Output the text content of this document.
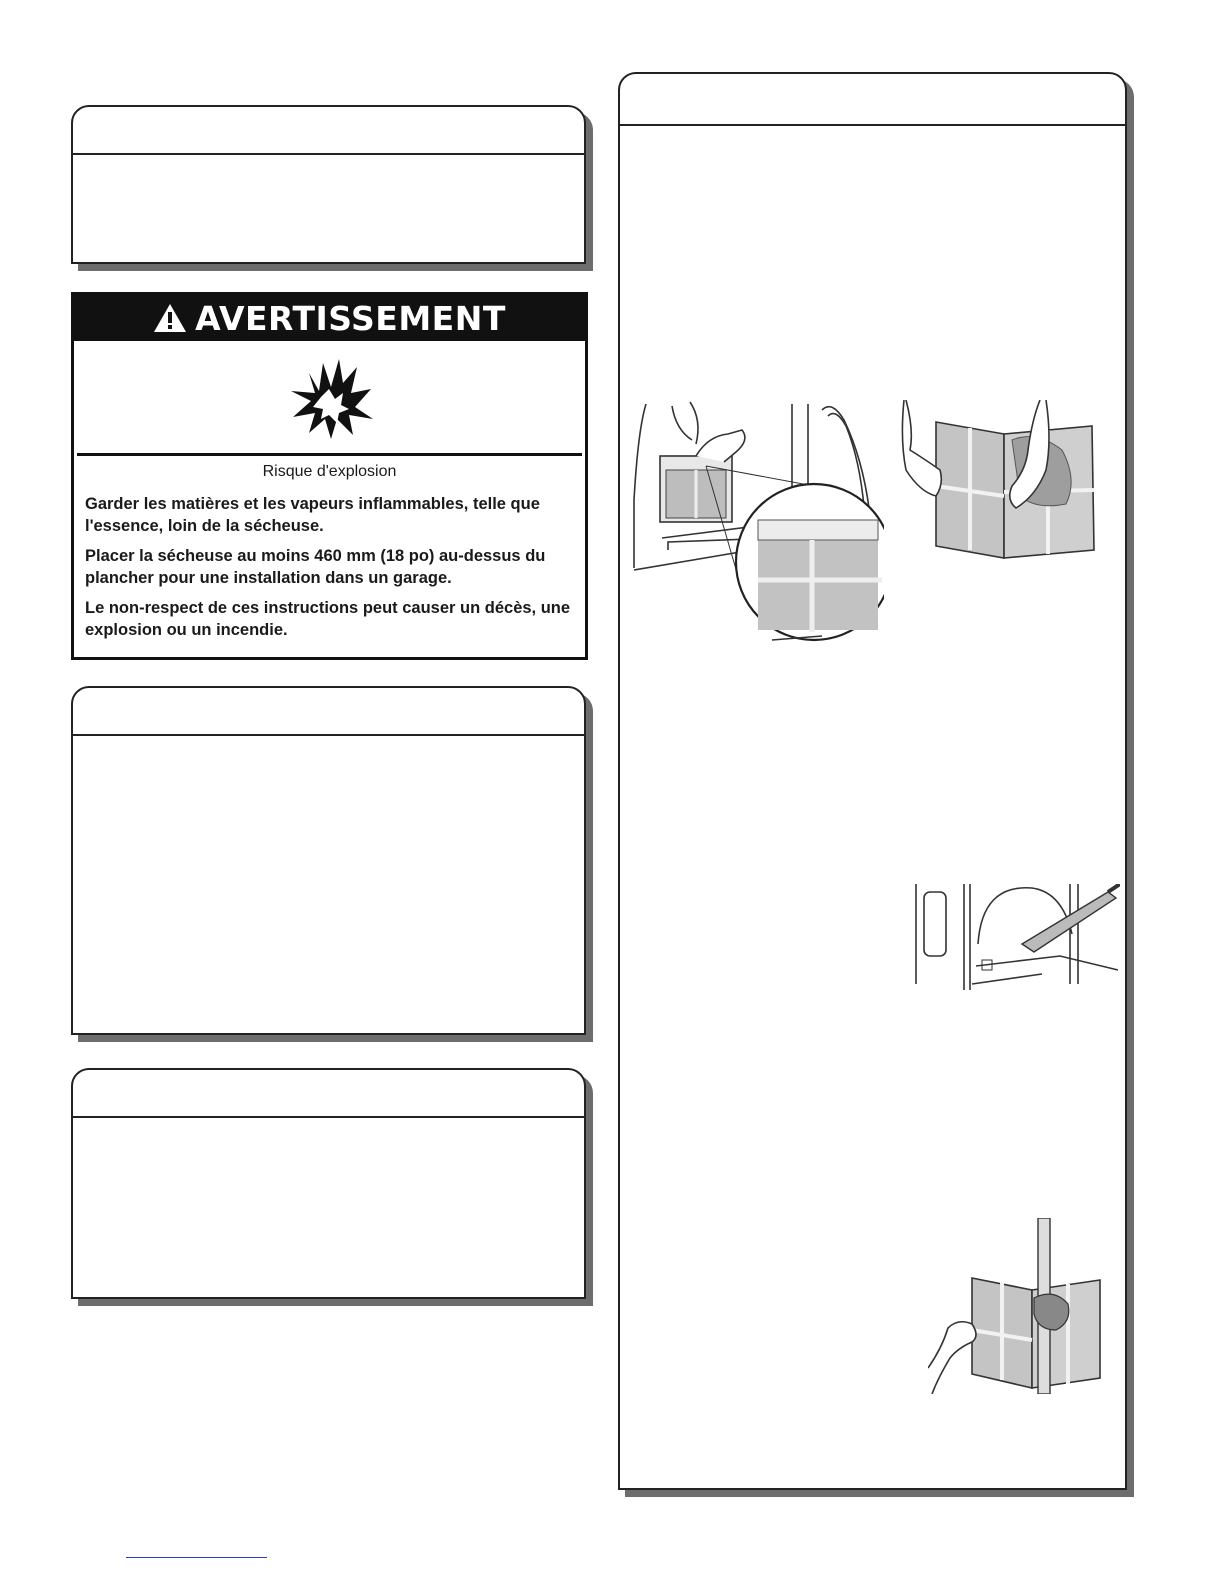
AVERTISSEMENT
Risque d'explosion
Garder les matières et les vapeurs inflammables, telle que l'essence, loin de la sécheuse.
Placer la sécheuse au moins 460 mm (18 po) au-dessus du plancher pour une installation dans un garage.
Le non-respect de ces instructions peut causer un décès, une explosion ou un incendie.
